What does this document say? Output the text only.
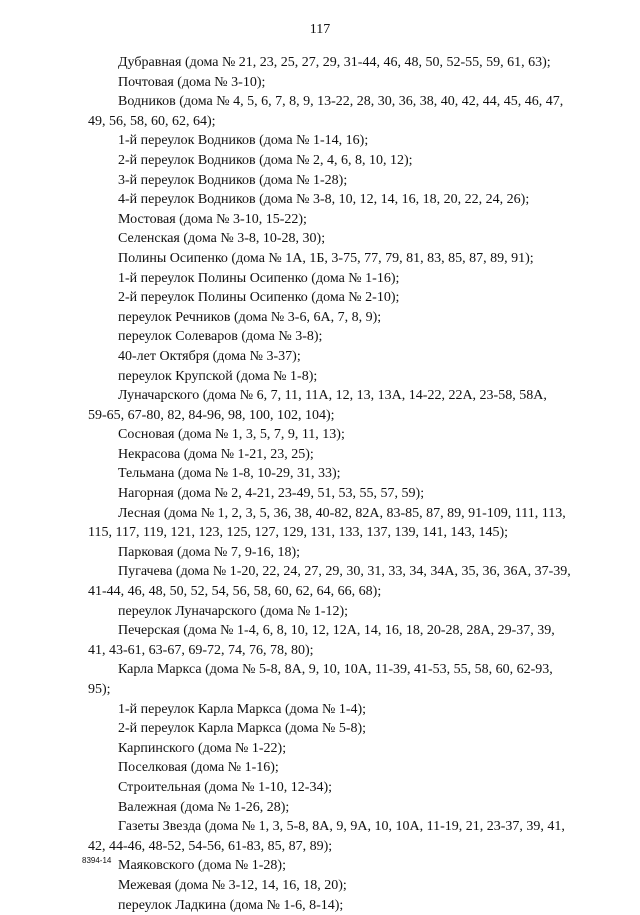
117
Дубравная (дома № 21, 23, 25, 27, 29, 31-44, 46, 48, 50, 52-55, 59, 61, 63);
Почтовая (дома № 3-10);
Водников (дома № 4, 5, 6, 7, 8, 9, 13-22, 28, 30, 36, 38, 40, 42, 44, 45, 46, 47,
49, 56, 58, 60, 62, 64);
1-й переулок Водников (дома № 1-14, 16);
2-й переулок Водников (дома № 2, 4, 6, 8, 10, 12);
3-й переулок Водников (дома № 1-28);
4-й переулок Водников (дома № 3-8, 10, 12, 14, 16, 18, 20, 22, 24, 26);
Мостовая (дома № 3-10, 15-22);
Селенская (дома № 3-8, 10-28, 30);
Полины Осипенко (дома № 1А, 1Б, 3-75, 77, 79, 81, 83, 85, 87, 89, 91);
1-й переулок Полины Осипенко (дома № 1-16);
2-й переулок Полины Осипенко (дома № 2-10);
переулок Речников (дома № 3-6, 6А, 7, 8, 9);
переулок Солеваров (дома № 3-8);
40-лет Октября (дома № 3-37);
переулок Крупской (дома № 1-8);
Луначарского (дома № 6, 7, 11, 11А, 12, 13, 13А, 14-22, 22А, 23-58, 58А,
59-65, 67-80, 82, 84-96, 98, 100, 102, 104);
Сосновая (дома № 1, 3, 5, 7, 9, 11, 13);
Некрасова (дома № 1-21, 23, 25);
Тельмана (дома № 1-8, 10-29, 31, 33);
Нагорная (дома № 2, 4-21, 23-49, 51, 53, 55, 57, 59);
Лесная (дома № 1, 2, 3, 5, 36, 38, 40-82, 82А, 83-85, 87, 89, 91-109, 111, 113,
115, 117, 119, 121, 123, 125, 127, 129, 131, 133, 137, 139, 141, 143, 145);
Парковая (дома № 7, 9-16, 18);
Пугачева (дома № 1-20, 22, 24, 27, 29, 30, 31, 33, 34, 34А, 35, 36, 36А, 37-39,
41-44, 46, 48, 50, 52, 54, 56, 58, 60, 62, 64, 66, 68);
переулок Луначарского (дома № 1-12);
Печерская (дома № 1-4, 6, 8, 10, 12, 12А, 14, 16, 18, 20-28, 28А, 29-37, 39,
41, 43-61, 63-67, 69-72, 74, 76, 78, 80);
Карла Маркса (дома № 5-8, 8А, 9, 10, 10А, 11-39, 41-53, 55, 58, 60, 62-93,
95);
1-й переулок Карла Маркса (дома № 1-4);
2-й переулок Карла Маркса (дома № 5-8);
Карпинского (дома № 1-22);
Поселковая (дома № 1-16);
Строительная (дома № 1-10, 12-34);
Валежная (дома № 1-26, 28);
Газеты Звезда (дома № 1, 3, 5-8, 8А, 9, 9А, 10, 10А, 11-19, 21, 23-37, 39, 41,
42, 44-46, 48-52, 54-56, 61-83, 85, 87, 89);
Маяковского (дома № 1-28);
Межевая (дома № 3-12, 14, 16, 18, 20);
переулок Ладкина (дома № 1-6, 8-14);
8394-14
